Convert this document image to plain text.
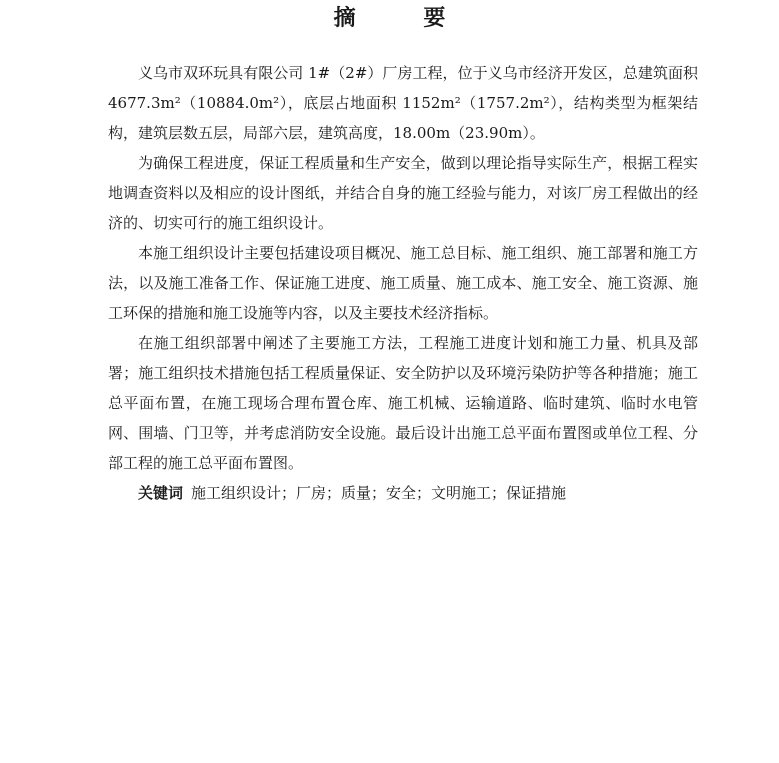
摘 要

义乌市双环玩具有限公司 1#（2#）厂房工程，位于义乌市经济开发区，总建筑面积 4677.3m²（10884.0m²），底层占地面积 1152m²（1757.2m²），结构类型为框架结构，建筑层数五层，局部六层，建筑高度，18.00m（23.90m）。

为确保工程进度，保证工程质量和生产安全，做到以理论指导实际生产，根据工程实地调查资料以及相应的设计图纸，并结合自身的施工经验与能力，对该厂房工程做出的经济的、切实可行的施工组织设计。

本施工组织设计主要包括建设项目概况、施工总目标、施工组织、施工部署和施工方法，以及施工准备工作、保证施工进度、施工质量、施工成本、施工安全、施工资源、施工环保的措施和施工设施等内容，以及主要技术经济指标。

在施工组织部署中阐述了主要施工方法，工程施工进度计划和施工力量、机具及部署；施工组织技术措施包括工程质量保证、安全防护以及环境污染防护等各种措施；施工总平面布置，在施工现场合理布置仓库、施工机械、运输道路、临时建筑、临时水电管网、围墙、门卫等，并考虑消防安全设施。最后设计出施工总平面布置图或单位工程、分部工程的施工总平面布置图。

关键词 施工组织设计；厂房；质量；安全；文明施工；保证措施
